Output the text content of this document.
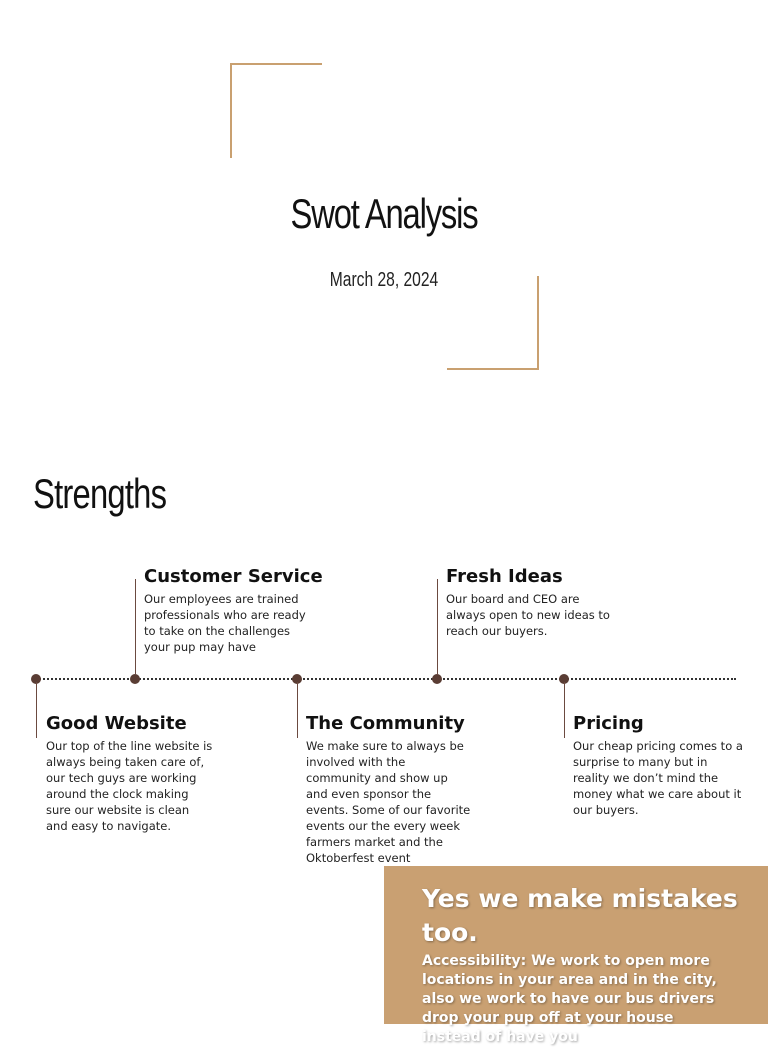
Swot Analysis
March 28, 2024
Strengths
Customer Service

Our employees are trained professionals who are ready to take on the challenges your pup may have

Fresh Ideas

Our board and CEO are always open to new ideas to reach our buyers.

Good Website

Our top of the line website is always being taken care of, our tech guys are working around the clock making sure our website is clean and easy to navigate.

The Community

We make sure to always be involved with the community and show up and even sponsor the events. Some of our favorite events our the every week farmers market and the Oktoberfest event

Pricing

Our cheap pricing comes to a surprise to many but in reality we don’t mind the money what we care about it our buyers.

Yes we make mistakes too.

Accessibility: We work to open more locations in your area and in the city, also we work to have our bus drivers drop your pup off at your house instead of have you
